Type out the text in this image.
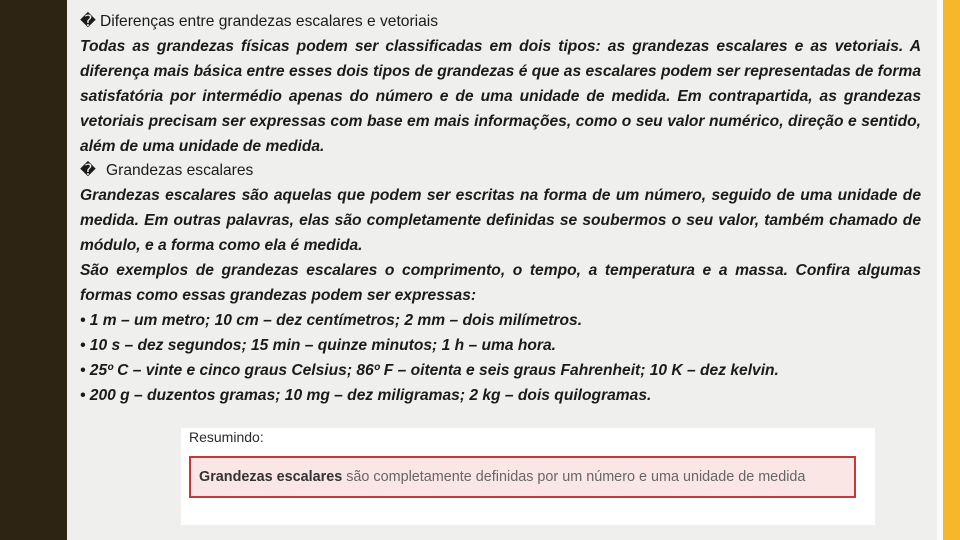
� Diferenças entre grandezas escalares e vetoriais

Todas as grandezas físicas podem ser classificadas em dois tipos: as grandezas escalares e as vetoriais. A diferença mais básica entre esses dois tipos de grandezas é que as escalares podem ser representadas de forma satisfatória por intermédio apenas do número e de uma unidade de medida. Em contrapartida, as grandezas vetoriais precisam ser expressas com base em mais informações, como o seu valor numérico, direção e sentido, além de uma unidade de medida.

� Grandezas escalares

Grandezas escalares são aquelas que podem ser escritas na forma de um número, seguido de uma unidade de medida. Em outras palavras, elas são completamente definidas se soubermos o seu valor, também chamado de módulo, e a forma como ela é medida.

São exemplos de grandezas escalares o comprimento, o tempo, a temperatura e a massa. Confira algumas formas como essas grandezas podem ser expressas:

• 1 m – um metro; 10 cm – dez centímetros; 2 mm – dois milímetros.

• 10 s – dez segundos; 15 min – quinze minutos; 1 h – uma hora.

• 25º C – vinte e cinco graus Celsius; 86º F – oitenta e seis graus Fahrenheit; 10 K – dez kelvin.

• 200 g – duzentos gramas; 10 mg – dez miligramas; 2 kg – dois quilogramas.

Resumindo:
Grandezas escalares são completamente definidas por um número e uma unidade de medida
